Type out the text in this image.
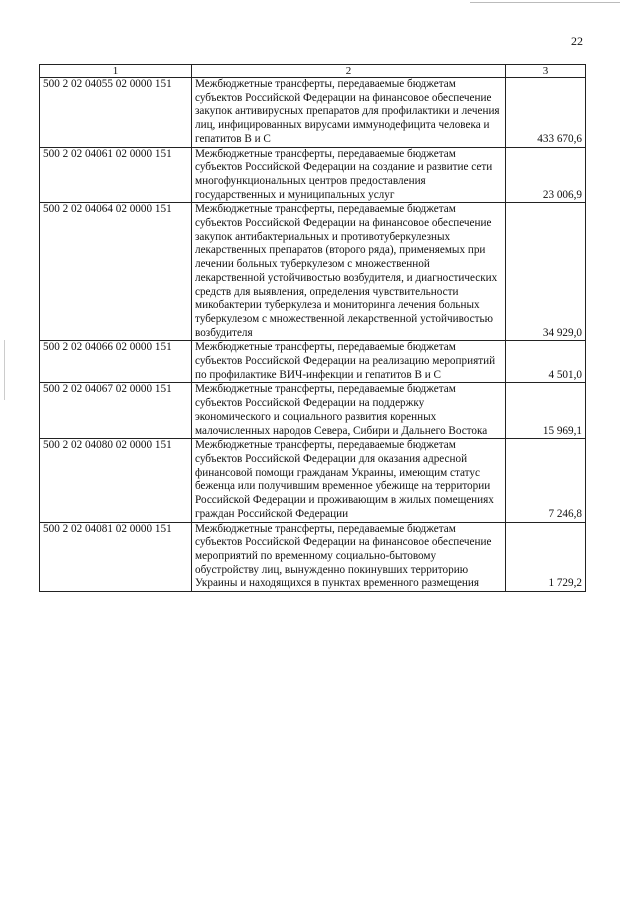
22
1	2	3
500 2 02 04055 02 0000 151	Межбюджетные трансферты, передаваемые бюджетам субъектов Российской Федерации на финансовое обеспечение закупок антивирусных препаратов для профилактики и лечения лиц, инфицированных вирусами иммунодефицита человека и гепатитов В и С	433 670,6
500 2 02 04061 02 0000 151	Межбюджетные трансферты, передаваемые бюджетам субъектов Российской Федерации на создание и развитие сети многофункциональных центров предоставления государственных и муниципальных услуг	23 006,9
500 2 02 04064 02 0000 151	Межбюджетные трансферты, передаваемые бюджетам субъектов Российской Федерации на финансовое обеспечение закупок антибактериальных и противотуберкулезных лекарственных препаратов (второго ряда), применяемых при лечении больных туберкулезом с множественной лекарственной устойчивостью возбудителя, и диагностических средств для выявления, определения чувствительности микобактерии туберкулеза и мониторинга лечения больных туберкулезом с множественной лекарственной устойчивостью возбудителя	34 929,0
500 2 02 04066 02 0000 151	Межбюджетные трансферты, передаваемые бюджетам субъектов Российской Федерации на реализацию мероприятий по профилактике ВИЧ-инфекции и гепатитов В и С	4 501,0
500 2 02 04067 02 0000 151	Межбюджетные трансферты, передаваемые бюджетам субъектов Российской Федерации на поддержку экономического и социального развития коренных малочисленных народов Севера, Сибири и Дальнего Востока	15 969,1
500 2 02 04080 02 0000 151	Межбюджетные трансферты, передаваемые бюджетам субъектов Российской Федерации для оказания адресной финансовой помощи гражданам Украины, имеющим статус беженца или получившим временное убежище на территории Российской Федерации и проживающим в жилых помещениях граждан Российской Федерации	7 246,8
500 2 02 04081 02 0000 151	Межбюджетные трансферты, передаваемые бюджетам субъектов Российской Федерации на финансовое обеспечение мероприятий по временному социально-бытовому обустройству лиц, вынужденно покинувших территорию Украины и находящихся в пунктах временного размещения	1 729,2
